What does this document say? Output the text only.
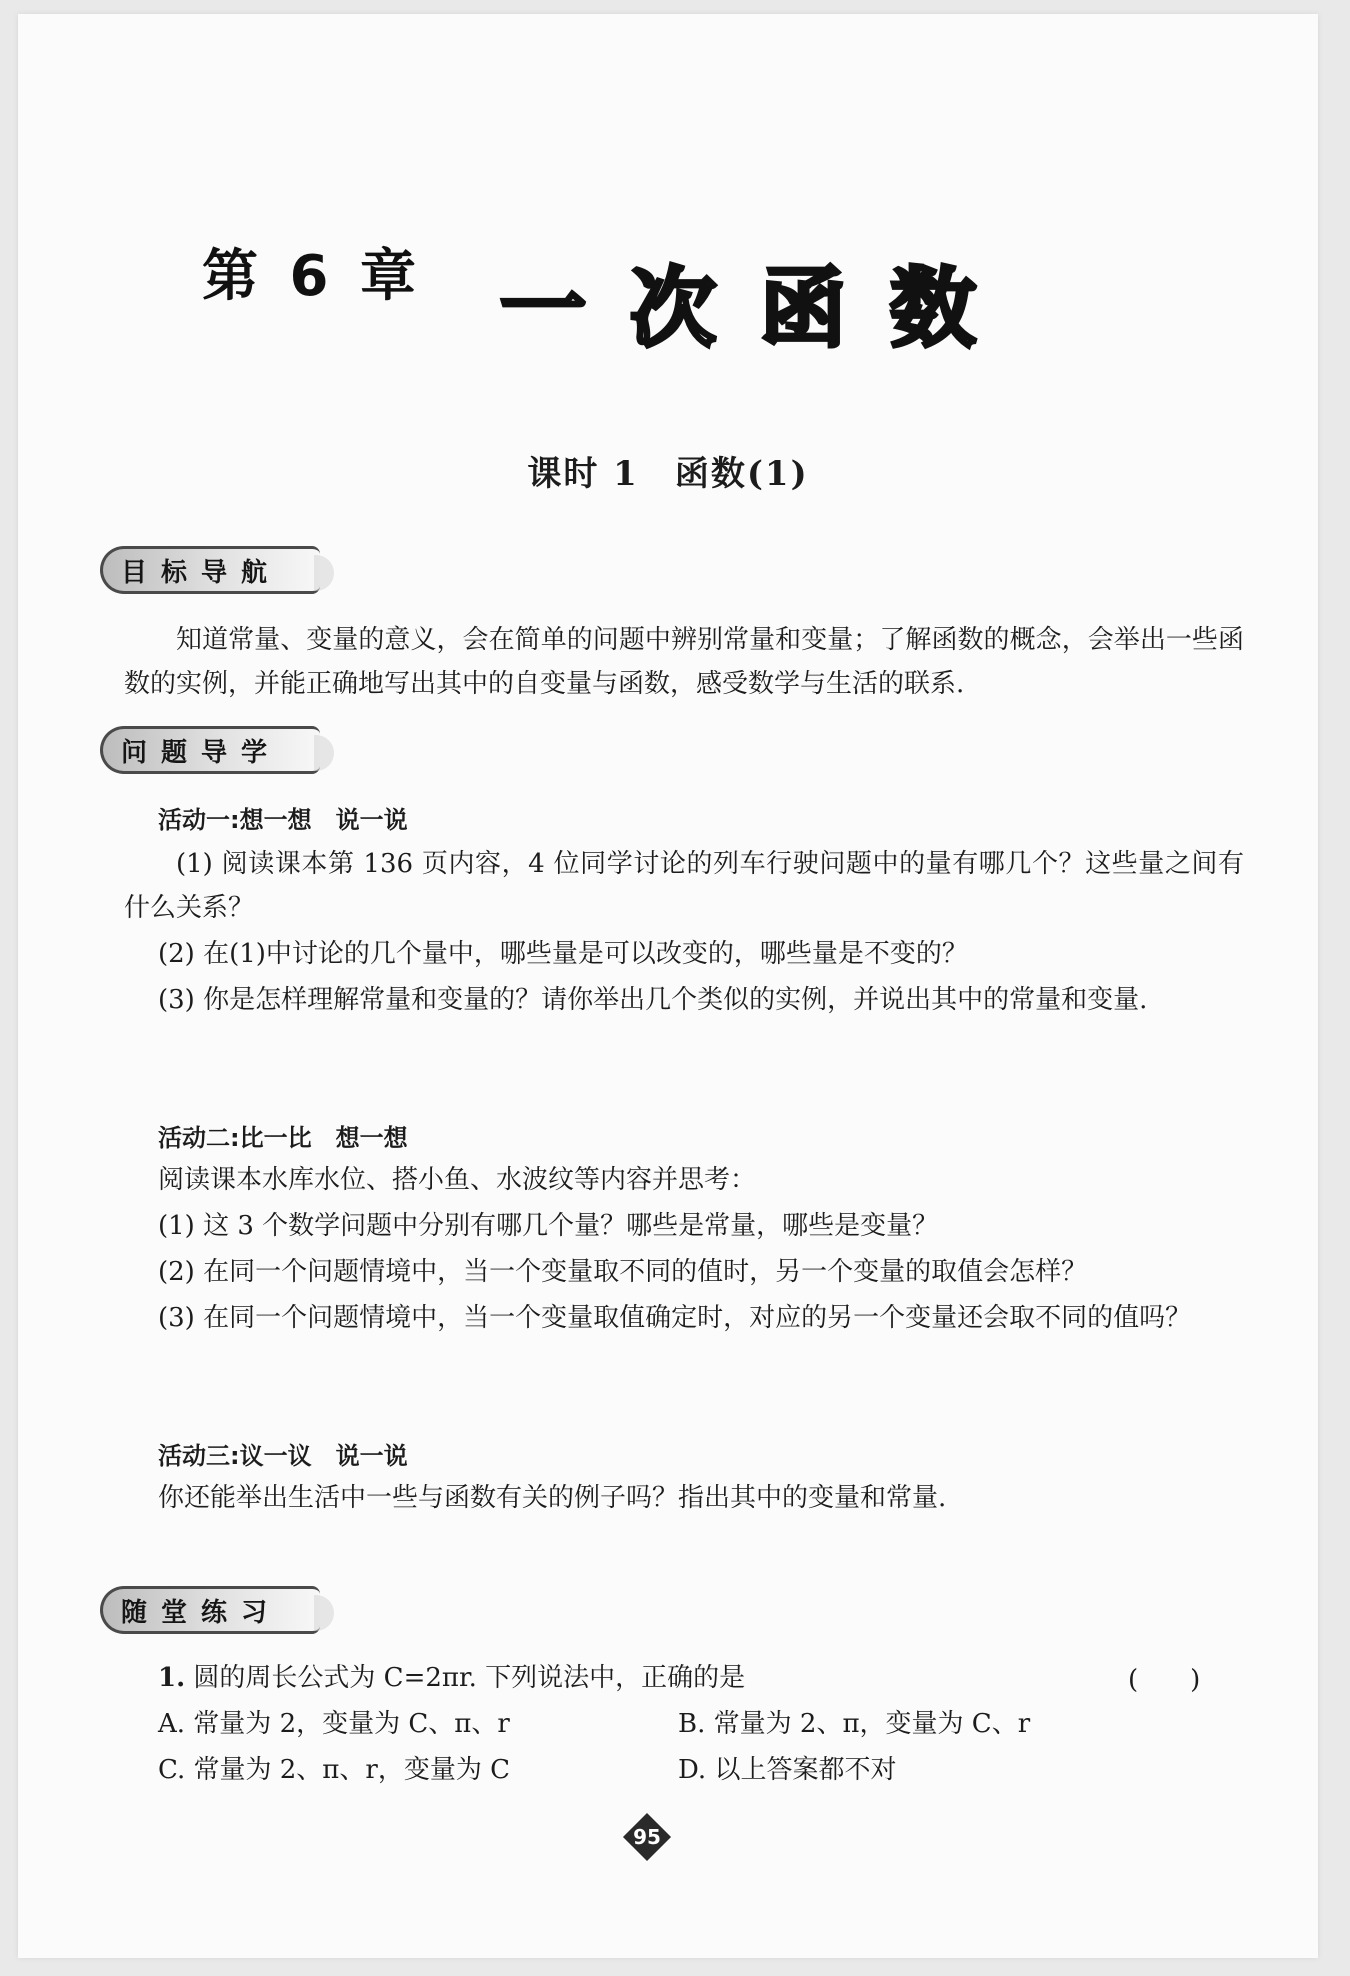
第 6 章 一次函数
课时 1　函数(1)
目标导航
知道常量、变量的意义，会在简单的问题中辨别常量和变量；了解函数的概念，会举出一些函数的实例，并能正确地写出其中的自变量与函数，感受数学与生活的联系.
问题导学
活动一:想一想　说一说
(1) 阅读课本第 136 页内容，4 位同学讨论的列车行驶问题中的量有哪几个？这些量之间有什么关系？
(2) 在(1)中讨论的几个量中，哪些量是可以改变的，哪些量是不变的？
(3) 你是怎样理解常量和变量的？请你举出几个类似的实例，并说出其中的常量和变量.
活动二:比一比　想一想
阅读课本水库水位、搭小鱼、水波纹等内容并思考：
(1) 这 3 个数学问题中分别有哪几个量？哪些是常量，哪些是变量？
(2) 在同一个问题情境中，当一个变量取不同的值时，另一个变量的取值会怎样？
(3) 在同一个问题情境中，当一个变量取值确定时，对应的另一个变量还会取不同的值吗？
活动三:议一议　说一说
你还能举出生活中一些与函数有关的例子吗？指出其中的变量和常量.
随堂练习
1. 圆的周长公式为 C=2πr. 下列说法中，正确的是	(　　)
A. 常量为 2，变量为 C、π、r	B. 常量为 2、π，变量为 C、r
C. 常量为 2、π、r，变量为 C	D. 以上答案都不对
95
